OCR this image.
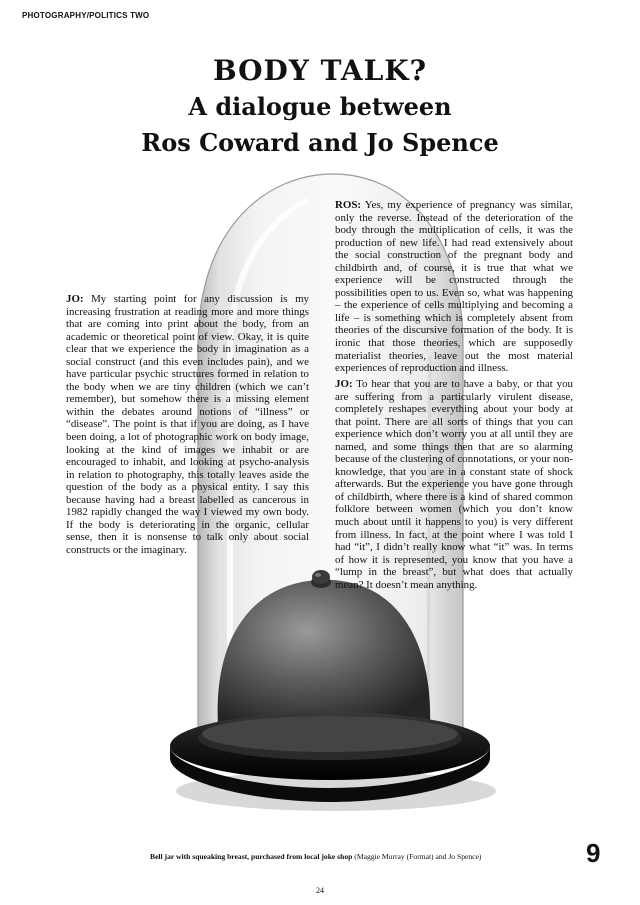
PHOTOGRAPHY/POLITICS TWO
BODY TALK?
A dialogue between
Ros Coward and Jo Spence

JO: My starting point for any discussion is my increasing frustration at reading more and more things that are coming into print about the body, from an academic or theoretical point of view. Okay, it is quite clear that we experience the body in imagination as a social construct (and this even includes pain), and we have particular psychic structures formed in relation to the body when we are tiny children (which we can’t remember), but somehow there is a missing element within the debates around notions of “illness” or “disease”. The point is that if you are doing, as I have been doing, a lot of photographic work on body image, looking at the kind of images we inhabit or are encouraged to inhabit, and looking at psycho-analysis in relation to photography, this totally leaves aside the question of the body as a physical entity. I say this because having had a breast labelled as cancerous in 1982 rapidly changed the way I viewed my own body. If the body is deteriorating in the organic, cellular sense, then it is nonsense to talk only about social constructs or the imaginary.

ROS: Yes, my experience of pregnancy was similar, only the reverse. Instead of the deterioration of the body through the multiplication of cells, it was the production of new life. I had read extensively about the social construction of the pregnant body and childbirth and, of course, it is true that what we experience will be constructed through the possibilities open to us. Even so, what was happening – the experience of cells multiplying and becoming a life – is something which is completely absent from theories of the discursive formation of the body. It is ironic that those theories, which are supposedly materialist theories, leave out the most material experiences of reproduction and illness.

JO: To hear that you are to have a baby, or that you are suffering from a particularly virulent disease, completely reshapes everything about your body at that point. There are all sorts of things that you can experience which don’t worry you at all until they are named, and some things then that are so alarming because of the clustering of connotations, or your non-knowledge, that you are in a constant state of shock afterwards. But the experience you have gone through of childbirth, where there is a kind of shared common folklore between women (which you don’t know much about until it happens to you) is very different from illness. In fact, at the point where I was told I had “it”, I didn’t really know what “it” was. In terms of how it is represented, you know that you have a “lump in the breast”, but what does that actually mean? It doesn’t mean anything.

Bell jar with squeaking breast, purchased from local joke shop (Maggie Murray (Format) and Jo Spence)	9
24
